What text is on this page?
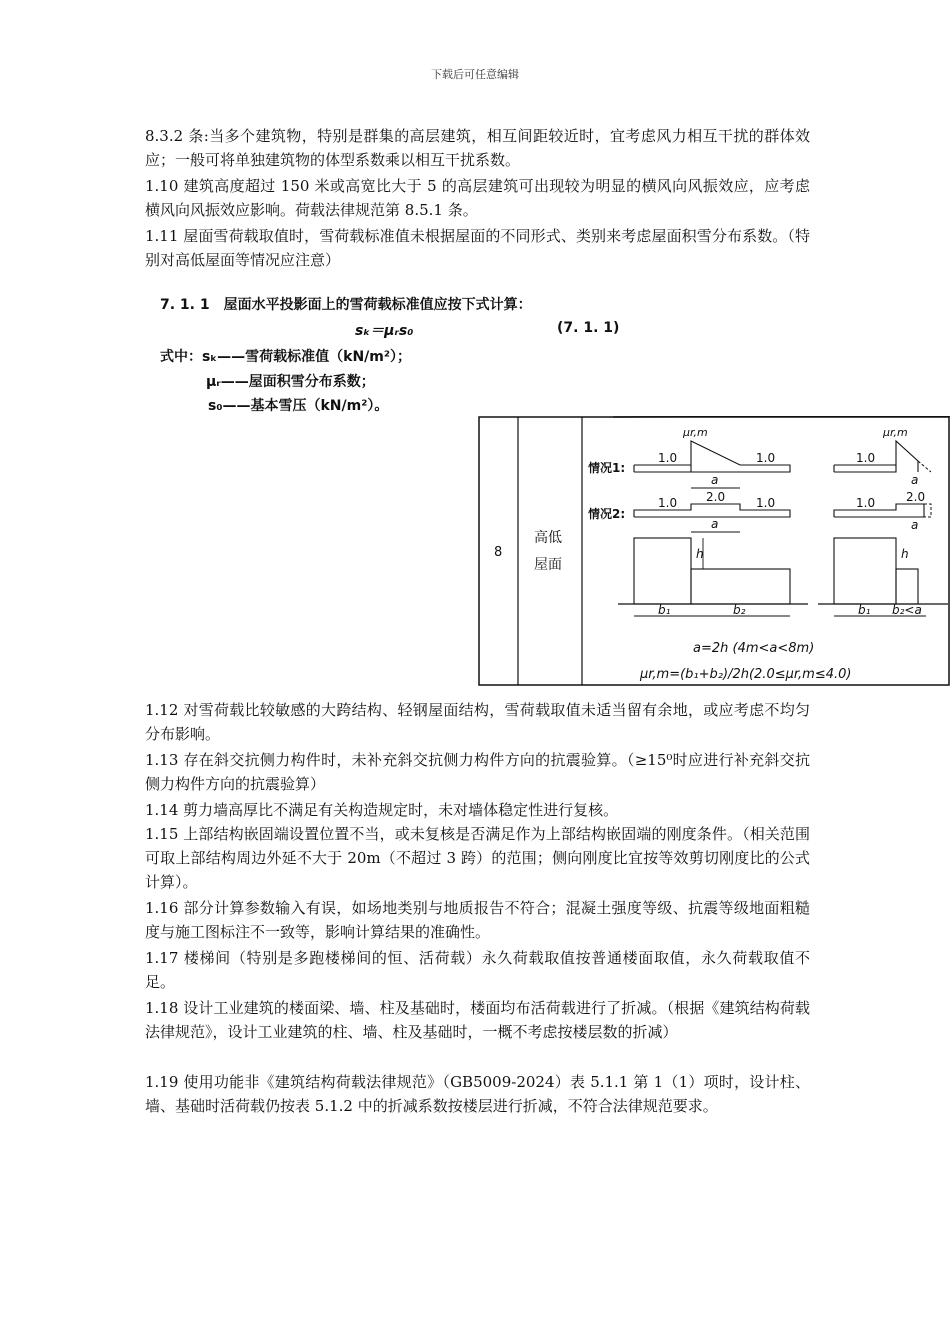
下载后可任意编辑
8.3.2 条:当多个建筑物，特别是群集的高层建筑，相互间距较近时，宜考虑风力相互干扰的群体效应；一般可将单独建筑物的体型系数乘以相互干扰系数。
1.10 建筑高度超过 150 米或高宽比大于 5 的高层建筑可出现较为明显的横风向风振效应，应考虑横风向风振效应影响。荷载法律规范第 8.5.1 条。
1.11 屋面雪荷载取值时，雪荷载标准值未根据屋面的不同形式、类别来考虑屋面积雪分布系数。（特别对高低屋面等情况应注意）
7. 1. 1　屋面水平投影面上的雪荷载标准值应按下式计算：
sₖ＝μᵣs₀	(7. 1. 1)
式中：sₖ——雪荷载标准值（kN/m²）；
μᵣ——屋面积雪分布系数；
s₀——基本雪压（kN/m²）。
8
高低
屋面
情况1:
情况2:
μr,m
1.0	1.0
a
1.0 2.0	1.0
a
h
b₁	b₂
μr,m
1.0
a
1.0	2.0
a
h
b₁ b₂<a
a=2h (4m<a<8m)
μr,m=(b₁+b₂)/2h(2.0≤μr,m≤4.0)
1.12 对雪荷载比较敏感的大跨结构、轻钢屋面结构，雪荷载取值未适当留有余地，或应考虑不均匀分布影响。
1.13 存在斜交抗侧力构件时，未补充斜交抗侧力构件方向的抗震验算。（≥15⁰时应进行补充斜交抗侧力构件方向的抗震验算）
1.14 剪力墙高厚比不满足有关构造规定时，未对墙体稳定性进行复核。
1.15 上部结构嵌固端设置位置不当，或未复核是否满足作为上部结构嵌固端的刚度条件。（相关范围可取上部结构周边外延不大于 20m（不超过 3 跨）的范围；侧向刚度比宜按等效剪切刚度比的公式计算）。
1.16 部分计算参数输入有误，如场地类别与地质报告不符合；混凝土强度等级、抗震等级地面粗糙度与施工图标注不一致等，影响计算结果的准确性。
1.17 楼梯间（特别是多跑楼梯间的恒、活荷载）永久荷载取值按普通楼面取值，永久荷载取值不足。
1.18 设计工业建筑的楼面梁、墙、柱及基础时，楼面均布活荷载进行了折减。（根据《建筑结构荷载法律规范》，设计工业建筑的柱、墙、柱及基础时，一概不考虑按楼层数的折减）
1.19 使用功能非《建筑结构荷载法律规范》（GB5009-2024）表 5.1.1 第 1（1）项时，设计柱、墙、基础时活荷载仍按表 5.1.2 中的折减系数按楼层进行折减，不符合法律规范要求。
